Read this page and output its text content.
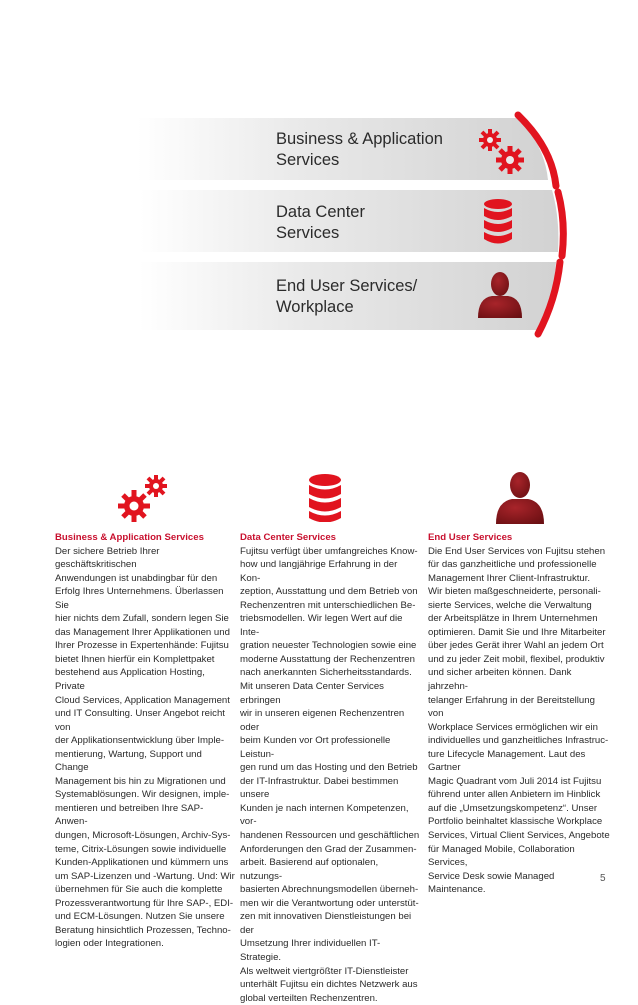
Business & Application
Services
Data Center
Services
End User Services/
Workplace
Business & Application Services

Der sichere Betrieb Ihrer geschäftskritischen
Anwendungen ist unabdingbar für den
Erfolg Ihres Unternehmens. Überlassen Sie
hier nichts dem Zufall, sondern legen Sie
das Management Ihrer Applikationen und
Ihrer Prozesse in Expertenhände: Fujitsu
bietet Ihnen hierfür ein Komplettpaket
bestehend aus Application Hosting, Private
Cloud Services, Application Management
und IT Consulting. Unser Angebot reicht von
der Applikationsentwicklung über Imple-
mentierung, Wartung, Support und Change
Management bis hin zu Migrationen und
Systemablösungen. Wir designen, imple-
mentieren und betreiben Ihre SAP-Anwen-
dungen, Microsoft-Lösungen, Archiv-Sys-
teme, Citrix-Lösungen sowie individuelle
Kunden-Applikationen und kümmern uns
um SAP-Lizenzen und -Wartung. Und: Wir
übernehmen für Sie auch die komplette
Prozessverantwortung für Ihre SAP-, EDI-
und ECM-Lösungen. Nutzen Sie unsere
Beratung hinsichtlich Prozessen, Techno-
logien oder Integrationen.

Data Center Services

Fujitsu verfügt über umfangreiches Know-
how und langjährige Erfahrung in der Kon-
zeption, Ausstattung und dem Betrieb von
Rechenzentren mit unterschiedlichen Be-
triebsmodellen. Wir legen Wert auf die Inte-
gration neuester Technologien sowie eine
moderne Ausstattung der Rechenzentren
nach anerkannten Sicherheitsstandards.
Mit unseren Data Center Services erbringen
wir in unseren eigenen Rechenzentren oder
beim Kunden vor Ort professionelle Leistun-
gen rund um das Hosting und den Betrieb
der IT-Infrastruktur. Dabei bestimmen unsere
Kunden je nach internen Kompetenzen, vor-
handenen Ressourcen und geschäftlichen
Anforderungen den Grad der Zusammen-
arbeit. Basierend auf optionalen, nutzungs-
basierten Abrechnungsmodellen überneh-
men wir die Verantwortung oder unterstüt-
zen mit innovativen Dienstleistungen bei der
Umsetzung Ihrer individuellen IT-Strategie.
Als weltweit viertgrößter IT-Dienstleister
unterhält Fujitsu ein dichtes Netzwerk aus
global verteilten Rechenzentren.

End User Services

Die End User Services von Fujitsu stehen
für das ganzheitliche und professionelle
Management Ihrer Client-Infrastruktur.
Wir bieten maßgeschneiderte, personali-
sierte Services, welche die Verwaltung
der Arbeitsplätze in Ihrem Unternehmen
optimieren. Damit Sie und Ihre Mitarbeiter
über jedes Gerät ihrer Wahl an jedem Ort
und zu jeder Zeit mobil, flexibel, produktiv
und sicher arbeiten können. Dank jahrzehn-
telanger Erfahrung in der Bereitstellung von
Workplace Services ermöglichen wir ein
individuelles und ganzheitliches Infrastruc-
ture Lifecycle Management. Laut des Gartner
Magic Quadrant vom Juli 2014 ist Fujitsu
führend unter allen Anbietern im Hinblick
auf die „Umsetzungskompetenz“. Unser
Portfolio beinhaltet klassische Workplace
Services, Virtual Client Services, Angebote
für Managed Mobile, Collaboration Services,
Service Desk sowie Managed Maintenance.

5
